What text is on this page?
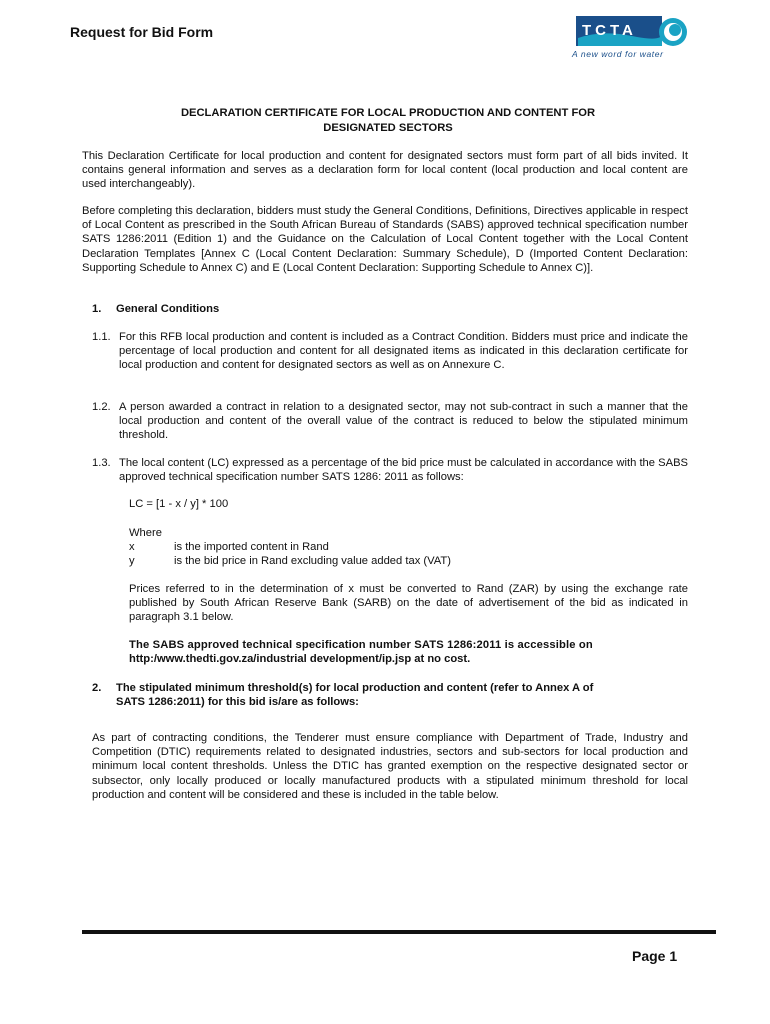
Request for Bid Form	TCTA
A new word for water
DECLARATION CERTIFICATE FOR LOCAL PRODUCTION AND CONTENT FOR
DESIGNATED SECTORS

This Declaration Certificate for local production and content for designated sectors must form part of all bids invited. It contains general information and serves as a declaration form for local content (local production and local content are used interchangeably).

Before completing this declaration, bidders must study the General Conditions, Definitions, Directives applicable in respect of Local Content as prescribed in the South African Bureau of Standards (SABS) approved technical specification number SATS 1286:2011 (Edition 1) and the Guidance on the Calculation of Local Content together with the Local Content Declaration Templates [Annex C (Local Content Declaration: Summary Schedule), D (Imported Content Declaration: Supporting Schedule to Annex C) and E (Local Content Declaration: Supporting Schedule to Annex C)].

1. General Conditions
1.1. For this RFB local production and content is included as a Contract Condition. Bidders must price and indicate the percentage of local production and content for all designated items as indicated in this declaration certificate for local production and content for designated sectors as well as on Annexure C.

1.2. A person awarded a contract in relation to a designated sector, may not sub-contract in such a manner that the local production and content of the overall value of the contract is reduced to below the stipulated minimum threshold.

1.3. The local content (LC) expressed as a percentage of the bid price must be calculated in accordance with the SABS approved technical specification number SATS 1286: 2011 as follows:

LC = [1 - x / y] * 100
Where
x	is the imported content in Rand
y	is the bid price in Rand excluding value added tax (VAT)

Prices referred to in the determination of x must be converted to Rand (ZAR) by using the exchange rate published by South African Reserve Bank (SARB) on the date of advertisement of the bid as indicated in paragraph 3.1 below.

The SABS approved technical specification number SATS 1286:2011 is accessible on
http:/www.thedti.gov.za/industrial development/ip.jsp at no cost.
2. The stipulated minimum threshold(s) for local production and content (refer to Annex A of
SATS 1286:2011) for this bid is/are as follows:

As part of contracting conditions, the Tenderer must ensure compliance with Department of Trade, Industry and Competition (DTIC) requirements related to designated industries, sectors and sub-sectors for local production and minimum local content thresholds. Unless the DTIC has granted exemption on the respective designated sector or subsector, only locally produced or locally manufactured products with a stipulated minimum threshold for local production and content will be considered and these is included in the table below.

Page 1
